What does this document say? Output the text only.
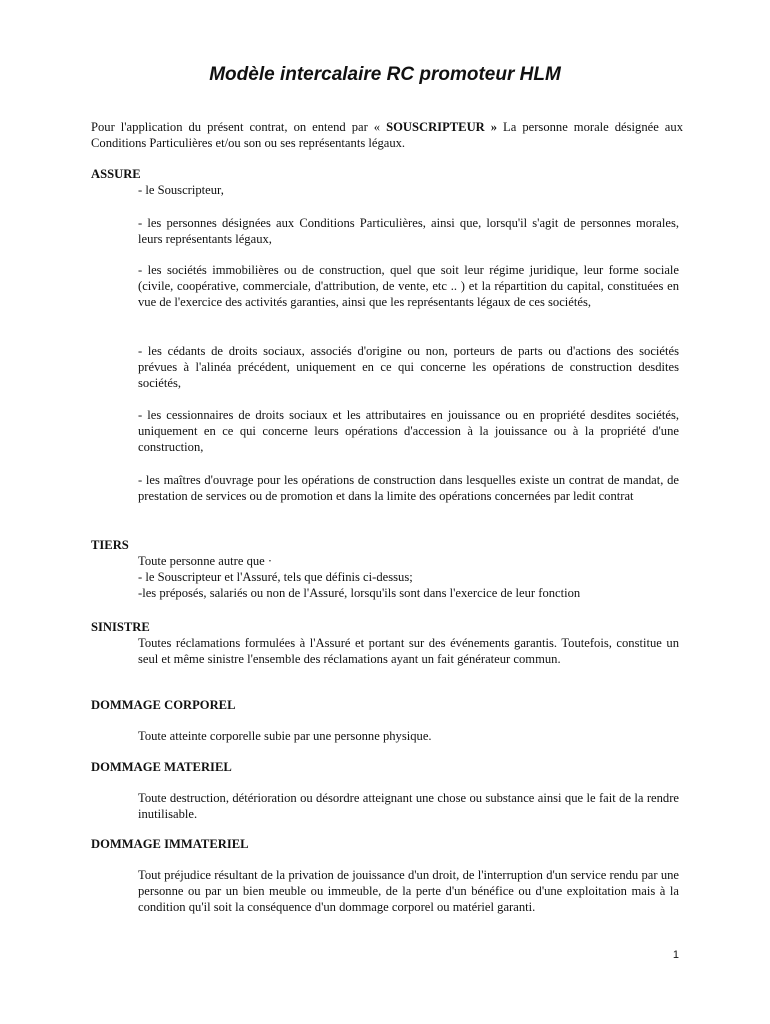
Modèle intercalaire RC promoteur HLM

Pour l'application du présent contrat, on entend par « SOUSCRIPTEUR » La personne morale désignée aux Conditions Particulières et/ou son ou ses représentants légaux.

ASSURE

- le Souscripteur,

- les personnes désignées aux Conditions Particulières, ainsi que, lorsqu'il s'agit de personnes morales, leurs représentants légaux,

- les sociétés immobilières ou de construction, quel que soit leur régime juridique, leur forme sociale (civile, coopérative, commerciale, d'attribution, de vente, etc .. ) et la répartition du capital, constituées en vue de l'exercice des activités garanties, ainsi que les représentants légaux de ces sociétés,

- les cédants de droits sociaux, associés d'origine ou non, porteurs de parts ou d'actions des sociétés prévues à l'alinéa précédent, uniquement en ce qui concerne les opérations de construction desdites sociétés,

- les cessionnaires de droits sociaux et les attributaires en jouissance ou en propriété desdites sociétés, uniquement en ce qui concerne leurs opérations d'accession à la jouissance ou à la propriété d'une construction,

- les maîtres d'ouvrage pour les opérations de construction dans lesquelles existe un contrat de mandat, de prestation de services ou de promotion et dans la limite des opérations concernées par ledit contrat

TIERS

Toute personne autre que ·

- le Souscripteur et l'Assuré, tels que définis ci-dessus;

-les préposés, salariés ou non de l'Assuré, lorsqu'ils sont dans l'exercice de leur fonction

SINISTRE

Toutes réclamations formulées à l'Assuré et portant sur des événements garantis. Toutefois, constitue un seul et même sinistre l'ensemble des réclamations ayant un fait générateur commun.

DOMMAGE CORPOREL

Toute atteinte corporelle subie par une personne physique.

DOMMAGE MATERIEL

Toute destruction, détérioration ou désordre atteignant une chose ou substance ainsi que le fait de la rendre inutilisable.

DOMMAGE IMMATERIEL

Tout préjudice résultant de la privation de jouissance d'un droit, de l'interruption d'un service rendu par une personne ou par un bien meuble ou immeuble, de la perte d'un bénéfice ou d'une exploitation mais à la condition qu'il soit la conséquence d'un dommage corporel ou matériel garanti.

1
